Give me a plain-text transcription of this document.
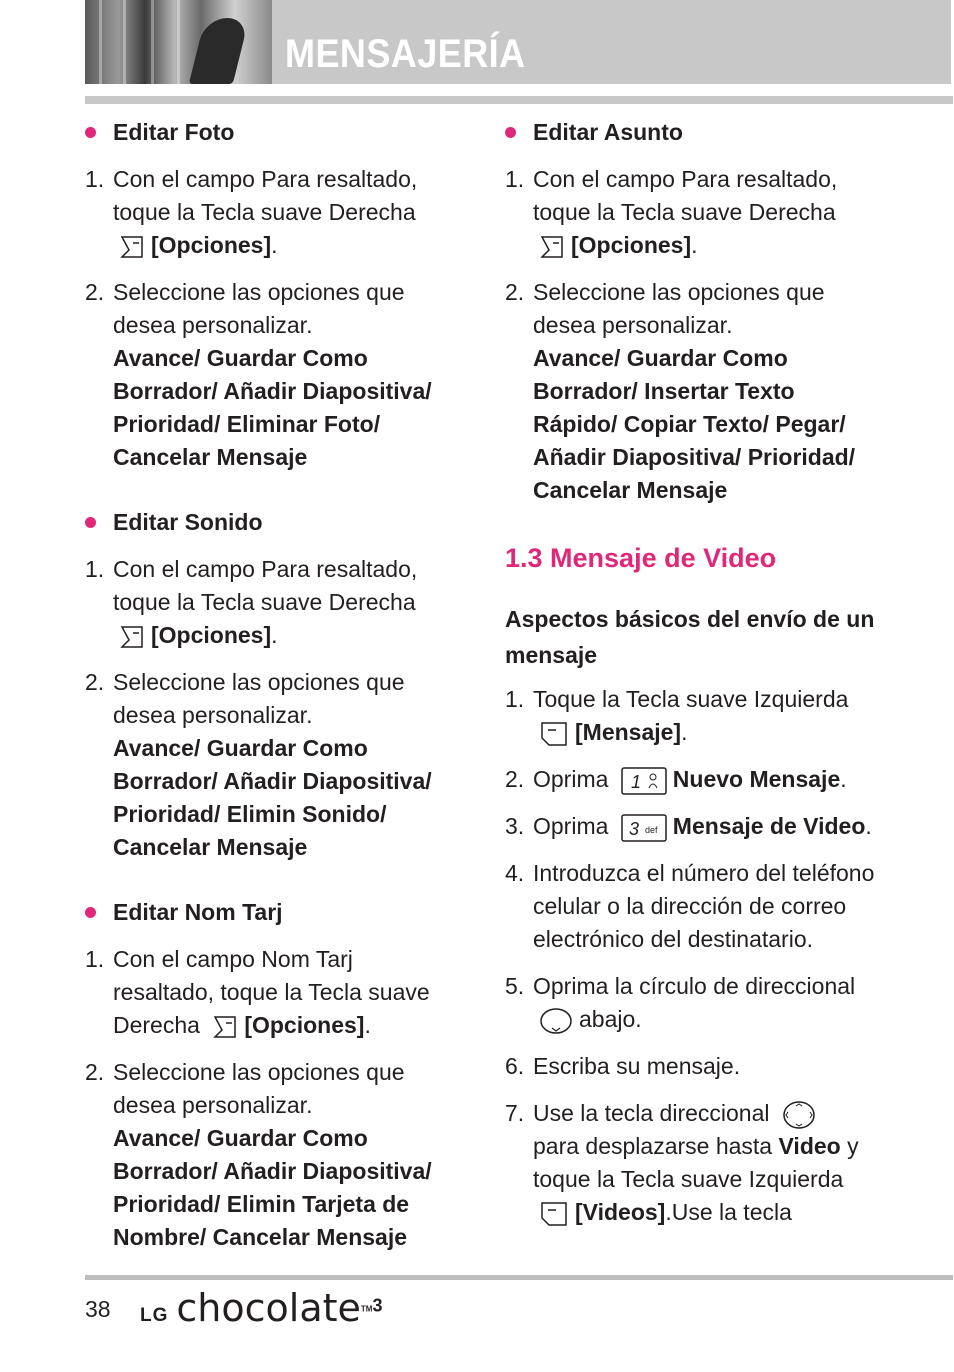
MENSAJERÍA
Editar Foto
1. Con el campo Para resaltado, toque la Tecla suave Derecha
[Opciones].
2. Seleccione las opciones que desea personalizar.
Avance/ Guardar Como Borrador/ Añadir Diapositiva/ Prioridad/ Eliminar Foto/ Cancelar Mensaje
Editar Sonido
1. Con el campo Para resaltado, toque la Tecla suave Derecha
[Opciones].
2. Seleccione las opciones que desea personalizar.
Avance/ Guardar Como Borrador/ Añadir Diapositiva/ Prioridad/ Elimin Sonido/ Cancelar Mensaje
Editar Nom Tarj
1. Con el campo Nom Tarj resaltado, toque la Tecla suave Derecha [Opciones].
2. Seleccione las opciones que desea personalizar.
Avance/ Guardar Como Borrador/ Añadir Diapositiva/ Prioridad/ Elimin Tarjeta de Nombre/ Cancelar Mensaje
Editar Asunto
1. Con el campo Para resaltado, toque la Tecla suave Derecha
[Opciones].
2. Seleccione las opciones que desea personalizar.
Avance/ Guardar Como Borrador/ Insertar Texto Rápido/ Copiar Texto/ Pegar/ Añadir Diapositiva/ Prioridad/ Cancelar Mensaje
1.3 Mensaje de Video
Aspectos básicos del envío de un mensaje
1. Toque la Tecla suave Izquierda
[Mensaje].
2. Oprima 1 Nuevo Mensaje.
3. Oprima 3 def Mensaje de Video.
4. Introduzca el número del teléfono celular o la dirección de correo electrónico del destinatario.
5. Oprima la círculo de direccional
abajo.
6. Escriba su mensaje.
7. Use la tecla direccional
para desplazarse hasta Video y toque la Tecla suave Izquierda
[Videos].Use la tecla
38 LG chocolate$^{TM3}$
